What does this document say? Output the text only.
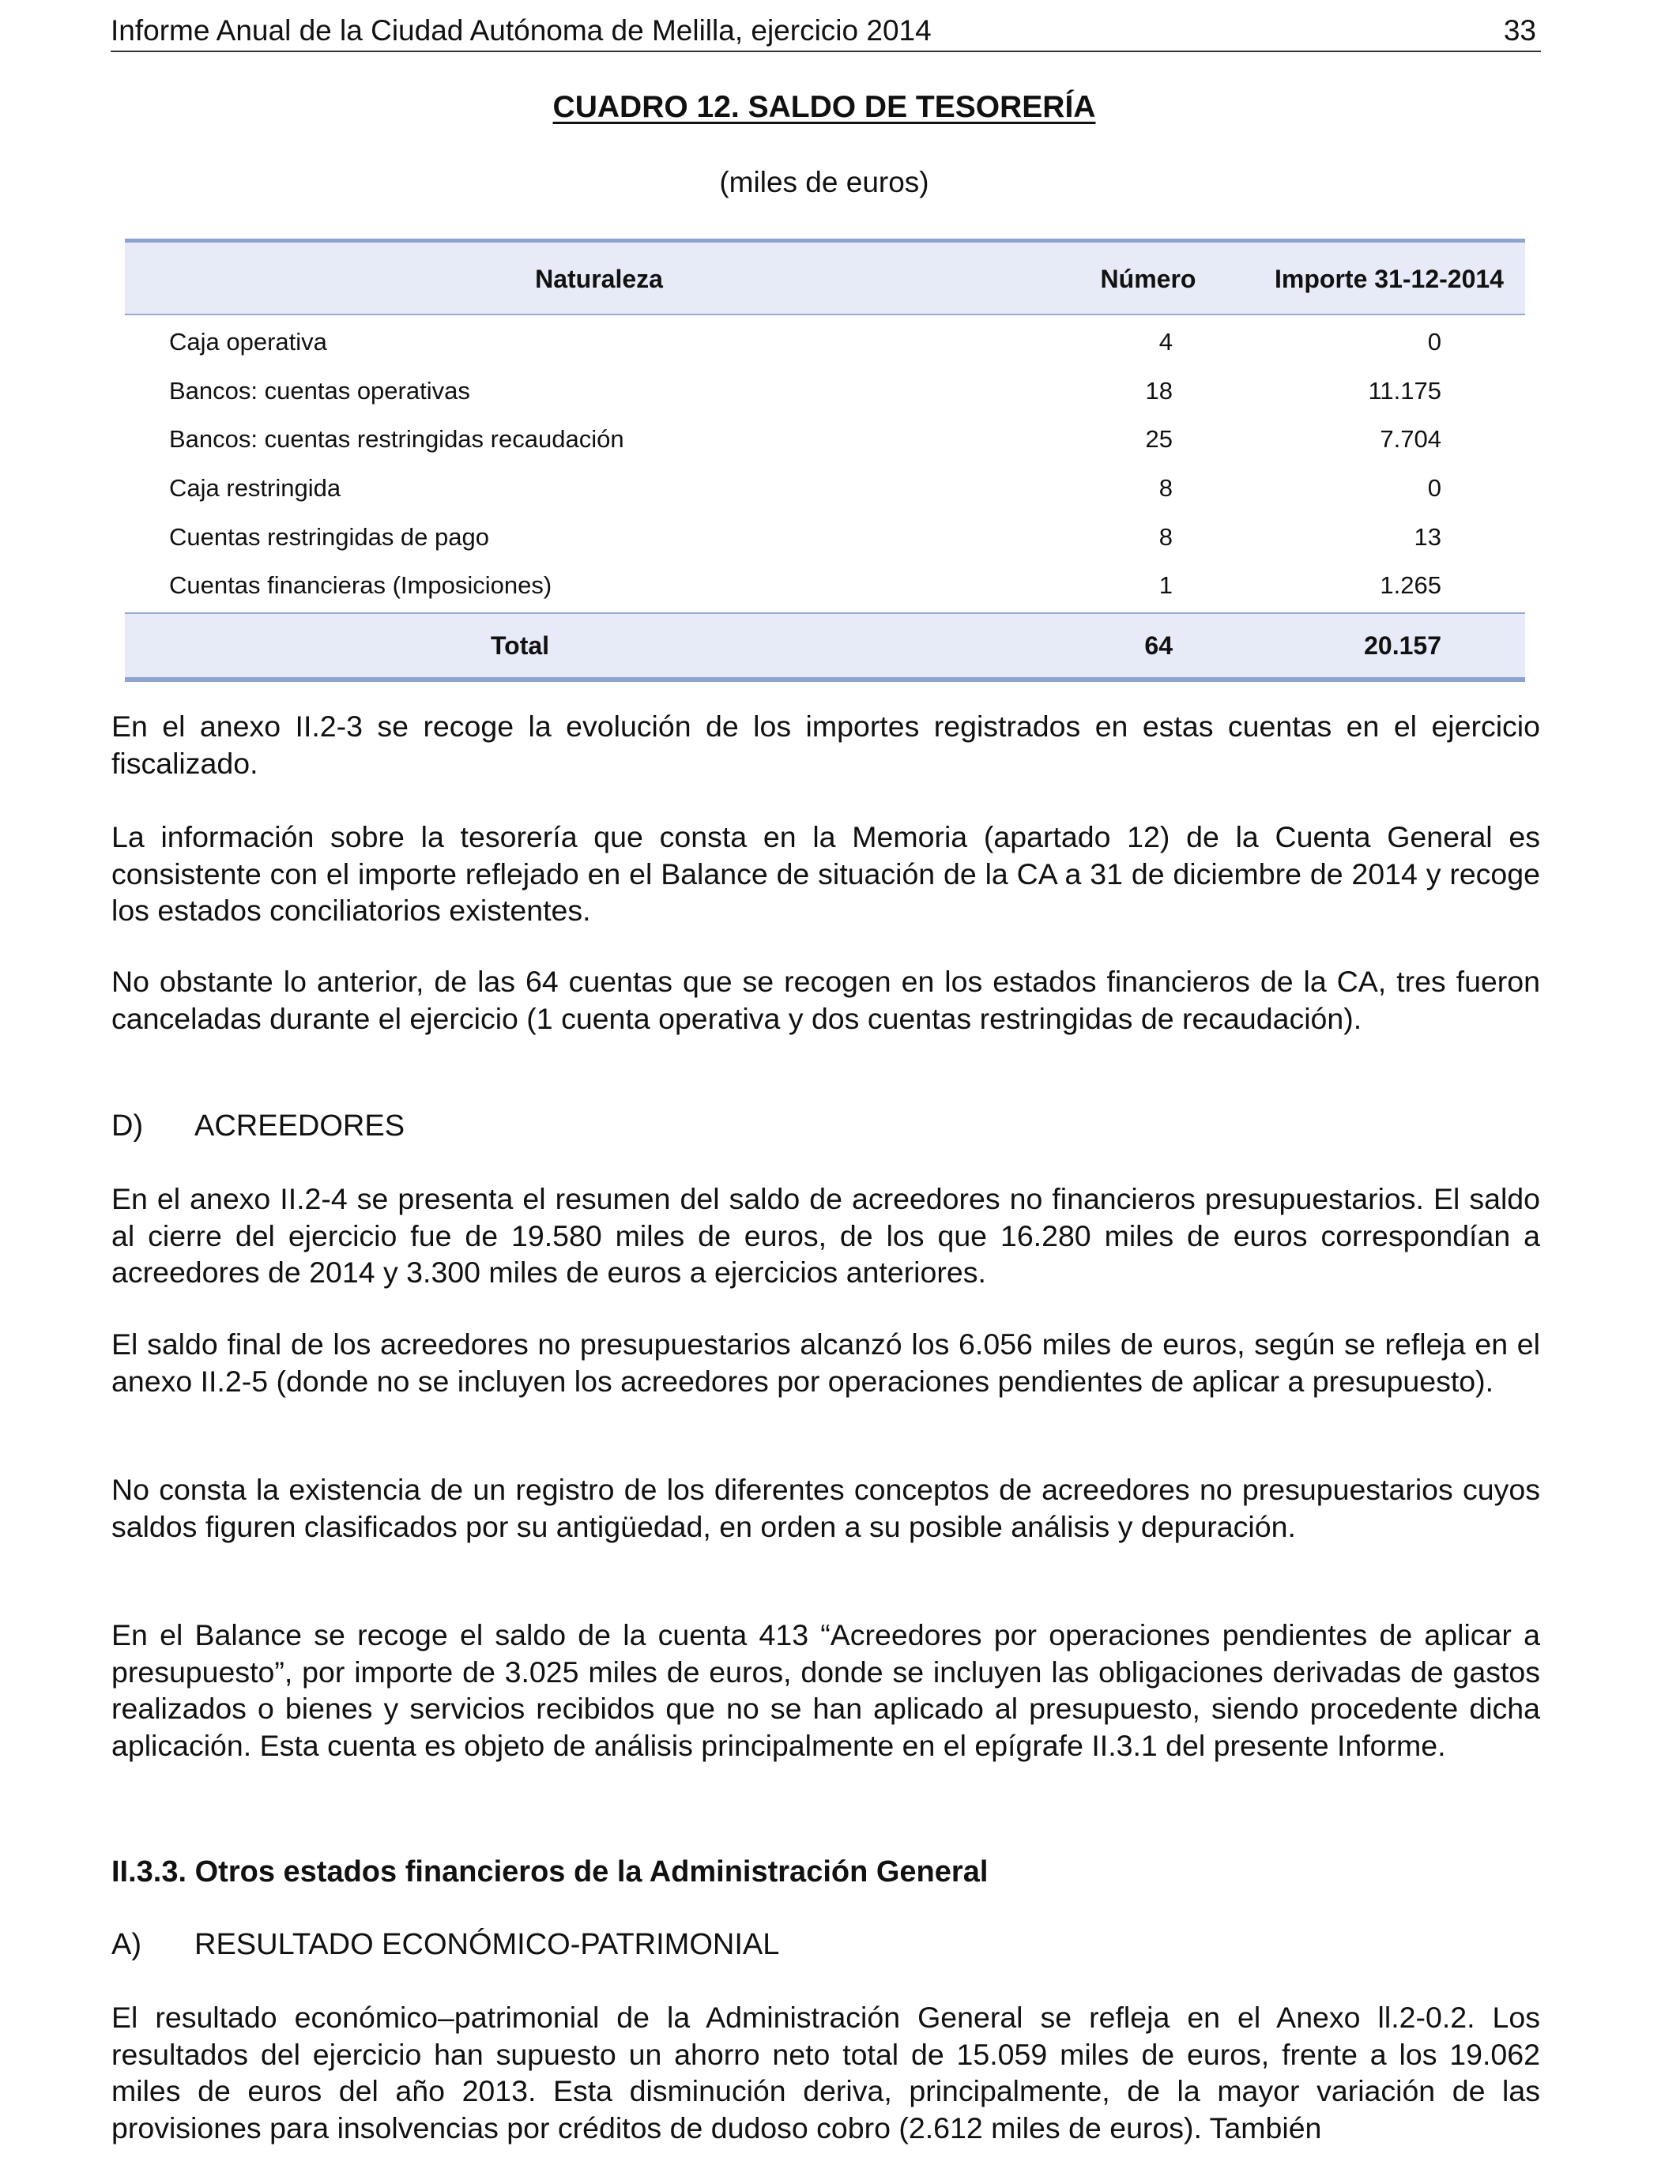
Informe Anual de la Ciudad Autónoma de Melilla, ejercicio 2014	33
CUADRO 12. SALDO DE TESORERÍA
(miles de euros)
Naturaleza	Número	Importe 31-12-2014
Caja operativa	4	0
Bancos: cuentas operativas	18	11.175
Bancos: cuentas restringidas recaudación	25	7.704
Caja restringida	8	0
Cuentas restringidas de pago	8	13
Cuentas financieras (Imposiciones)	1	1.265
Total	64	20.157

En el anexo II.2-3 se recoge la evolución de los importes registrados en estas cuentas en el ejercicio fiscalizado.

La información sobre la tesorería que consta en la Memoria (apartado 12) de la Cuenta General es consistente con el importe reflejado en el Balance de situación de la CA a 31 de diciembre de 2014 y recoge los estados conciliatorios existentes.

No obstante lo anterior, de las 64 cuentas que se recogen en los estados financieros de la CA, tres fueron canceladas durante el ejercicio (1 cuenta operativa y dos cuentas restringidas de recaudación).

D) ACREEDORES

En el anexo II.2-4 se presenta el resumen del saldo de acreedores no financieros presupuestarios. El saldo al cierre del ejercicio fue de 19.580 miles de euros, de los que 16.280 miles de euros correspondían a acreedores de 2014 y 3.300 miles de euros a ejercicios anteriores.

El saldo final de los acreedores no presupuestarios alcanzó los 6.056 miles de euros, según se refleja en el anexo II.2-5 (donde no se incluyen los acreedores por operaciones pendientes de aplicar a presupuesto).

No consta la existencia de un registro de los diferentes conceptos de acreedores no presupuestarios cuyos saldos figuren clasificados por su antigüedad, en orden a su posible análisis y depuración.

En el Balance se recoge el saldo de la cuenta 413 “Acreedores por operaciones pendientes de aplicar a presupuesto”, por importe de 3.025 miles de euros, donde se incluyen las obligaciones derivadas de gastos realizados o bienes y servicios recibidos que no se han aplicado al presupuesto, siendo procedente dicha aplicación. Esta cuenta es objeto de análisis principalmente en el epígrafe II.3.1 del presente Informe.

II.3.3. Otros estados financieros de la Administración General
A) RESULTADO ECONÓMICO-PATRIMONIAL

El resultado económico–patrimonial de la Administración General se refleja en el Anexo ll.2-0.2. Los resultados del ejercicio han supuesto un ahorro neto total de 15.059 miles de euros, frente a los 19.062 miles de euros del año 2013. Esta disminución deriva, principalmente, de la mayor variación de las provisiones para insolvencias por créditos de dudoso cobro (2.612 miles de euros). También
